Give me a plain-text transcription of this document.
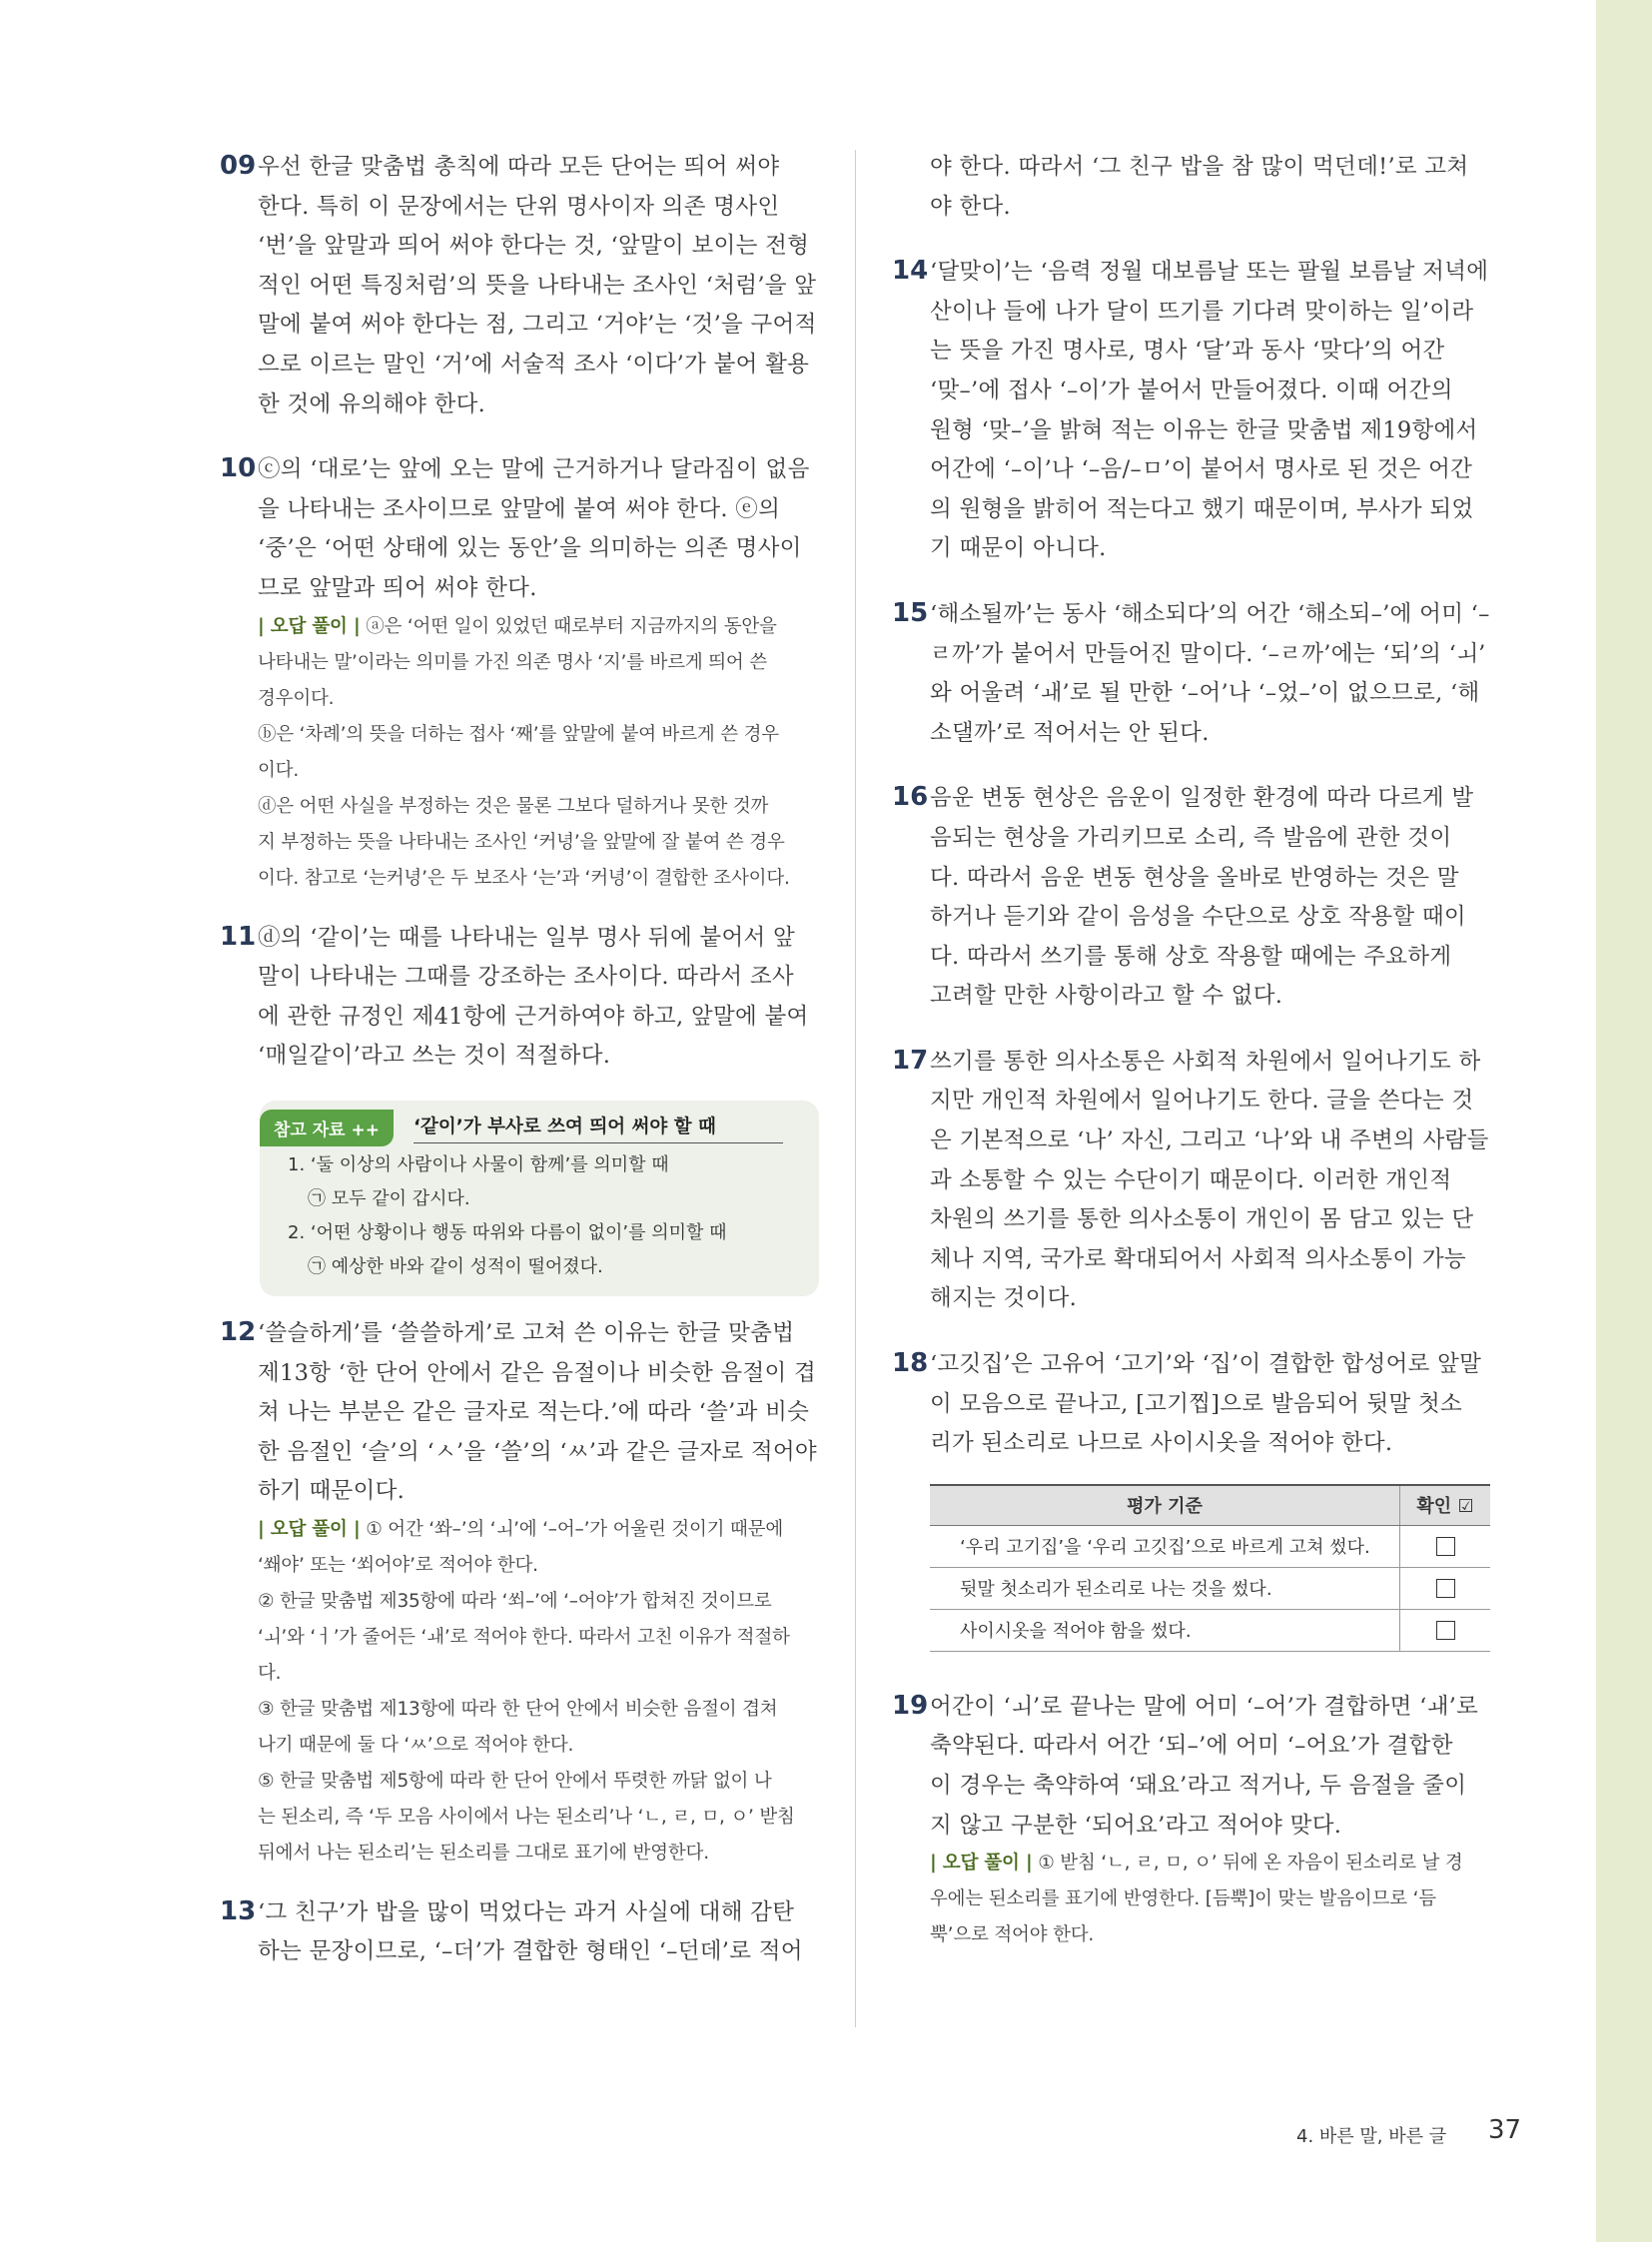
09 우선 한글 맞춤법 총칙에 따라 모든 단어는 띄어 써야
한다. 특히 이 문장에서는 단위 명사이자 의존 명사인
‘번’을 앞말과 띄어 써야 한다는 것, ‘앞말이 보이는 전형
적인 어떤 특징처럼’의 뜻을 나타내는 조사인 ‘처럼’을 앞
말에 붙여 써야 한다는 점, 그리고 ‘거야’는 ‘것’을 구어적
으로 이르는 말인 ‘거’에 서술적 조사 ‘이다’가 붙어 활용
한 것에 유의해야 한다.
10 ⓒ의 ‘대로’는 앞에 오는 말에 근거하거나 달라짐이 없음
을 나타내는 조사이므로 앞말에 붙여 써야 한다. ⓔ의
‘중’은 ‘어떤 상태에 있는 동안’을 의미하는 의존 명사이
므로 앞말과 띄어 써야 한다.
| 오답 풀이 | ⓐ은 ‘어떤 일이 있었던 때로부터 지금까지의 동안을
나타내는 말’이라는 의미를 가진 의존 명사 ‘지’를 바르게 띄어 쓴
경우이다.
ⓑ은 ‘차례’의 뜻을 더하는 접사 ‘째’를 앞말에 붙여 바르게 쓴 경우
이다.
ⓓ은 어떤 사실을 부정하는 것은 물론 그보다 덜하거나 못한 것까
지 부정하는 뜻을 나타내는 조사인 ‘커녕’을 앞말에 잘 붙여 쓴 경우
이다. 참고로 ‘는커녕’은 두 보조사 ‘는’과 ‘커녕’이 결합한 조사이다.
11 ⓓ의 ‘같이’는 때를 나타내는 일부 명사 뒤에 붙어서 앞
말이 나타내는 그때를 강조하는 조사이다. 따라서 조사
에 관한 규정인 제41항에 근거하여야 하고, 앞말에 붙여
‘매일같이’라고 쓰는 것이 적절하다.
참고 자료 ++	‘같이’가 부사로 쓰여 띄어 써야 할 때
1. ‘둘 이상의 사람이나 사물이 함께’를 의미할 때
㉠ 모두 같이 갑시다.
2. ‘어떤 상황이나 행동 따위와 다름이 없이’를 의미할 때
㉠ 예상한 바와 같이 성적이 떨어졌다.
12 ‘쓸슬하게’를 ‘쓸쓸하게’로 고쳐 쓴 이유는 한글 맞춤법
제13항 ‘한 단어 안에서 같은 음절이나 비슷한 음절이 겹
쳐 나는 부분은 같은 글자로 적는다.’에 따라 ‘쓸’과 비슷
한 음절인 ‘슬’의 ‘ㅅ’을 ‘쓸’의 ‘ㅆ’과 같은 글자로 적어야
하기 때문이다.
| 오답 풀이 | ① 어간 ‘쏴–’의 ‘ㅚ’에 ‘–어–’가 어울린 것이기 때문에
‘쐐야’ 또는 ‘쐬어야’로 적어야 한다.
② 한글 맞춤법 제35항에 따라 ‘쐬–’에 ‘–어야’가 합쳐진 것이므로
‘ㅚ’와 ‘ㅓ’가 줄어든 ‘ㅙ’로 적어야 한다. 따라서 고친 이유가 적절하
다.
③ 한글 맞춤법 제13항에 따라 한 단어 안에서 비슷한 음절이 겹쳐
나기 때문에 둘 다 ‘ㅆ’으로 적어야 한다.
⑤ 한글 맞춤법 제5항에 따라 한 단어 안에서 뚜렷한 까닭 없이 나
는 된소리, 즉 ‘두 모음 사이에서 나는 된소리’나 ‘ㄴ, ㄹ, ㅁ, ㅇ’ 받침
뒤에서 나는 된소리’는 된소리를 그대로 표기에 반영한다.
13 ‘그 친구’가 밥을 많이 먹었다는 과거 사실에 대해 감탄
하는 문장이므로, ‘–더’가 결합한 형태인 ‘–던데’로 적어
야 한다. 따라서 ‘그 친구 밥을 참 많이 먹던데!’로 고쳐
야 한다.
14 ‘달맞이’는 ‘음력 정월 대보름날 또는 팔월 보름날 저녁에
산이나 들에 나가 달이 뜨기를 기다려 맞이하는 일’이라
는 뜻을 가진 명사로, 명사 ‘달’과 동사 ‘맞다’의 어간
‘맞–’에 접사 ‘–이’가 붙어서 만들어졌다. 이때 어간의
원형 ‘맞–’을 밝혀 적는 이유는 한글 맞춤법 제19항에서
어간에 ‘–이’나 ‘–음/–ㅁ’이 붙어서 명사로 된 것은 어간
의 원형을 밝히어 적는다고 했기 때문이며, 부사가 되었
기 때문이 아니다.
15 ‘해소될까’는 동사 ‘해소되다’의 어간 ‘해소되–’에 어미 ‘–
ㄹ까’가 붙어서 만들어진 말이다. ‘–ㄹ까’에는 ‘되’의 ‘ㅚ’
와 어울려 ‘ㅙ’로 될 만한 ‘–어’나 ‘–었–’이 없으므로, ‘해
소댈까’로 적어서는 안 된다.
16 음운 변동 현상은 음운이 일정한 환경에 따라 다르게 발
음되는 현상을 가리키므로 소리, 즉 발음에 관한 것이
다. 따라서 음운 변동 현상을 올바로 반영하는 것은 말
하거나 듣기와 같이 음성을 수단으로 상호 작용할 때이
다. 따라서 쓰기를 통해 상호 작용할 때에는 주요하게
고려할 만한 사항이라고 할 수 없다.
17 쓰기를 통한 의사소통은 사회적 차원에서 일어나기도 하
지만 개인적 차원에서 일어나기도 한다. 글을 쓴다는 것
은 기본적으로 ‘나’ 자신, 그리고 ‘나’와 내 주변의 사람들
과 소통할 수 있는 수단이기 때문이다. 이러한 개인적
차원의 쓰기를 통한 의사소통이 개인이 몸 담고 있는 단
체나 지역, 국가로 확대되어서 사회적 의사소통이 가능
해지는 것이다.
18 ‘고깃집’은 고유어 ‘고기’와 ‘집’이 결합한 합성어로 앞말
이 모음으로 끝나고, [고기찝]으로 발음되어 뒷말 첫소
리가 된소리로 나므로 사이시옷을 적어야 한다.
평가 기준	확인 ☑
‘우리 고기집’을 ‘우리 고깃집’으로 바르게 고쳐 썼다.	
뒷말 첫소리가 된소리로 나는 것을 썼다.	
사이시옷을 적어야 함을 썼다.	
19 어간이 ‘ㅚ’로 끝나는 말에 어미 ‘–어’가 결합하면 ‘ㅙ’로
축약된다. 따라서 어간 ‘되–’에 어미 ‘–어요’가 결합한
이 경우는 축약하여 ‘돼요’라고 적거나, 두 음절을 줄이
지 않고 구분한 ‘되어요’라고 적어야 맞다.
| 오답 풀이 | ① 받침 ‘ㄴ, ㄹ, ㅁ, ㅇ’ 뒤에 온 자음이 된소리로 날 경
우에는 된소리를 표기에 반영한다. [듬뿍]이 맞는 발음이므로 ‘듬
뿍’으로 적어야 한다.
4. 바른 말, 바른 글 37
